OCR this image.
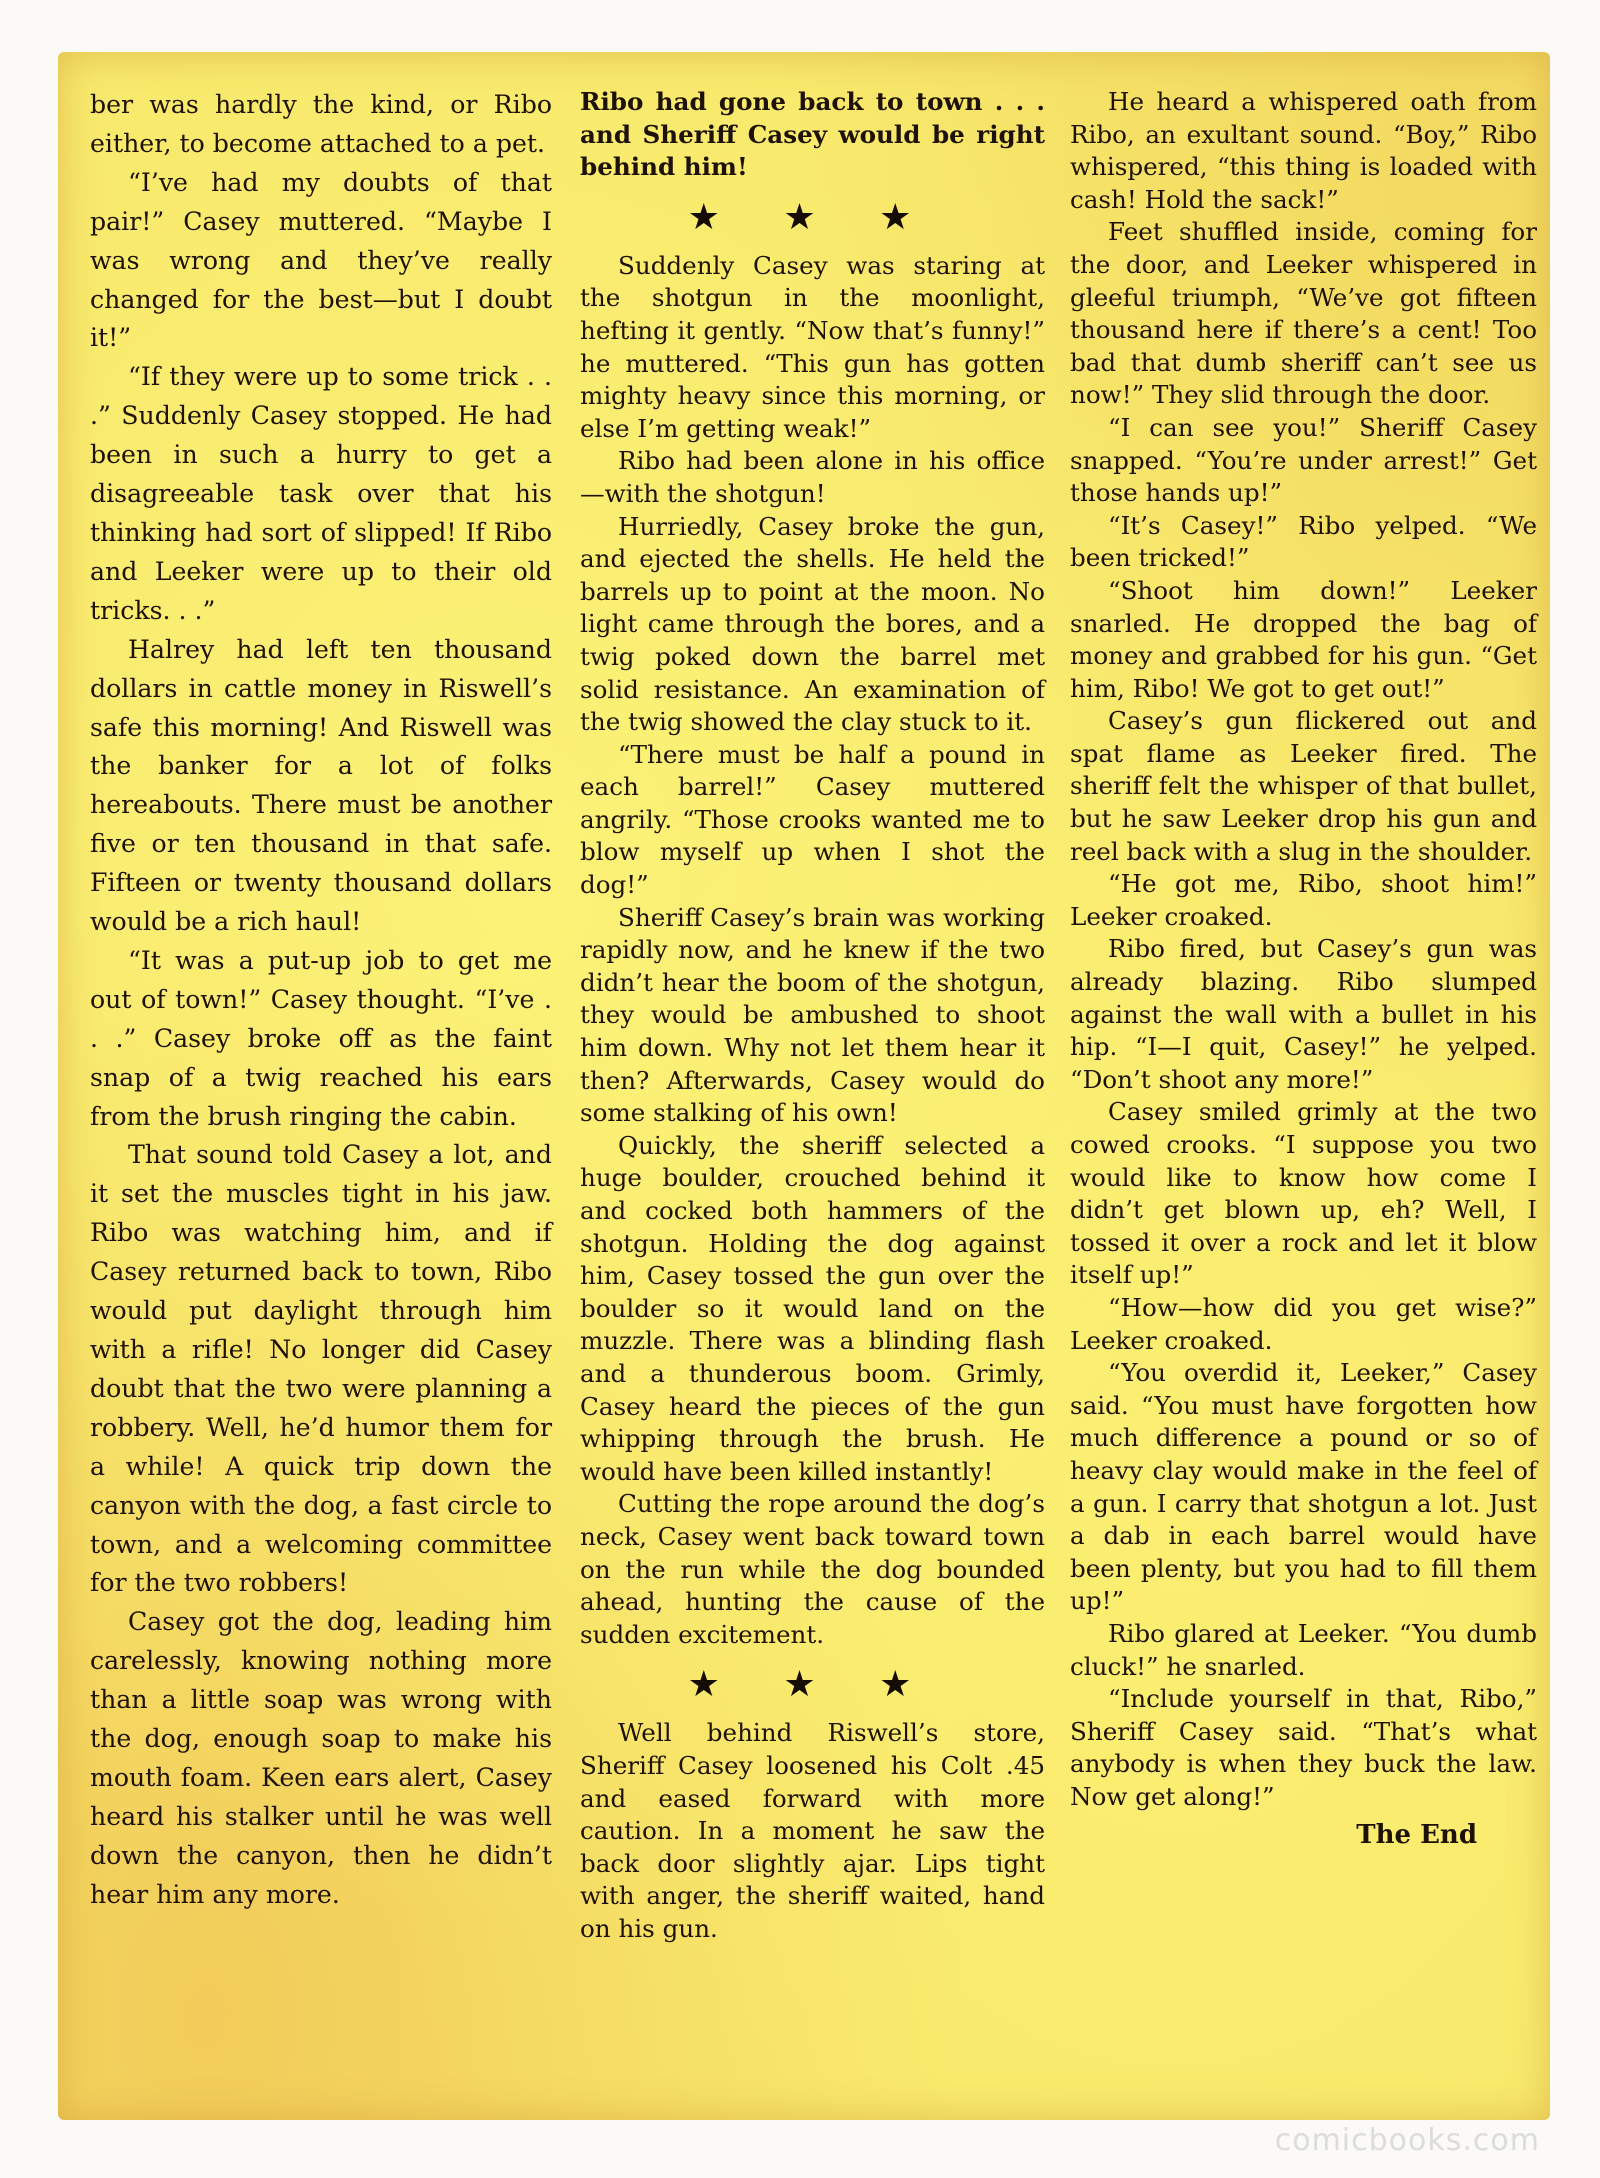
ber was hardly the kind, or Ribo either, to become attached to a pet.

“I’ve had my doubts of that pair!” Casey muttered. “Maybe I was wrong and they’ve really changed for the best—but I doubt it!”

“If they were up to some trick . . .” Suddenly Casey stopped. He had been in such a hurry to get a disagreeable task over that his thinking had sort of slipped! If Ribo and Leeker were up to their old tricks. . .”

Halrey had left ten thousand dollars in cattle money in Riswell’s safe this morning! And Riswell was the banker for a lot of folks hereabouts. There must be another five or ten thousand in that safe. Fifteen or twenty thousand dollars would be a rich haul!

“It was a put-up job to get me out of town!” Casey thought. “I’ve . . .” Casey broke off as the faint snap of a twig reached his ears from the brush ringing the cabin.

That sound told Casey a lot, and it set the muscles tight in his jaw. Ribo was watching him, and if Casey returned back to town, Ribo would put daylight through him with a rifle! No longer did Casey doubt that the two were planning a robbery. Well, he’d humor them for a while! A quick trip down the canyon with the dog, a fast circle to town, and a welcoming committee for the two robbers!

Casey got the dog, leading him carelessly, knowing nothing more than a little soap was wrong with the dog, enough soap to make his mouth foam. Keen ears alert, Casey heard his stalker until he was well down the canyon, then he didn’t hear him any more.

Ribo had gone back to town . . . and Sheriff Casey would be right behind him!

★ ★ ★

Suddenly Casey was staring at the shotgun in the moonlight, hefting it gently. “Now that’s funny!” he muttered. “This gun has gotten mighty heavy since this morning, or else I’m getting weak!”

Ribo had been alone in his office—with the shotgun!

Hurriedly, Casey broke the gun, and ejected the shells. He held the barrels up to point at the moon. No light came through the bores, and a twig poked down the barrel met solid resistance. An examination of the twig showed the clay stuck to it.

“There must be half a pound in each barrel!” Casey muttered angrily. “Those crooks wanted me to blow myself up when I shot the dog!”

Sheriff Casey’s brain was working rapidly now, and he knew if the two didn’t hear the boom of the shotgun, they would be ambushed to shoot him down. Why not let them hear it then? Afterwards, Casey would do some stalking of his own!

Quickly, the sheriff selected a huge boulder, crouched behind it and cocked both hammers of the shotgun. Holding the dog against him, Casey tossed the gun over the boulder so it would land on the muzzle. There was a blinding flash and a thunderous boom. Grimly, Casey heard the pieces of the gun whipping through the brush. He would have been killed instantly!

Cutting the rope around the dog’s neck, Casey went back toward town on the run while the dog bounded ahead, hunting the cause of the sudden excitement.

★ ★ ★

Well behind Riswell’s store, Sheriff Casey loosened his Colt .45 and eased forward with more caution. In a moment he saw the back door slightly ajar. Lips tight with anger, the sheriff waited, hand on his gun.

He heard a whispered oath from Ribo, an exultant sound. “Boy,” Ribo whispered, “this thing is loaded with cash! Hold the sack!”

Feet shuffled inside, coming for the door, and Leeker whispered in gleeful triumph, “We’ve got fifteen thousand here if there’s a cent! Too bad that dumb sheriff can’t see us now!” They slid through the door.

“I can see you!” Sheriff Casey snapped. “You’re under arrest!” Get those hands up!”

“It’s Casey!” Ribo yelped. “We been tricked!”

“Shoot him down!” Leeker snarled. He dropped the bag of money and grabbed for his gun. “Get him, Ribo! We got to get out!”

Casey’s gun flickered out and spat flame as Leeker fired. The sheriff felt the whisper of that bullet, but he saw Leeker drop his gun and reel back with a slug in the shoulder.

“He got me, Ribo, shoot him!” Leeker croaked.

Ribo fired, but Casey’s gun was already blazing. Ribo slumped against the wall with a bullet in his hip. “I—I quit, Casey!” he yelped. “Don’t shoot any more!”

Casey smiled grimly at the two cowed crooks. “I suppose you two would like to know how come I didn’t get blown up, eh? Well, I tossed it over a rock and let it blow itself up!”

“How—how did you get wise?” Leeker croaked.

“You overdid it, Leeker,” Casey said. “You must have forgotten how much difference a pound or so of heavy clay would make in the feel of a gun. I carry that shotgun a lot. Just a dab in each barrel would have been plenty, but you had to fill them up!”

Ribo glared at Leeker. “You dumb cluck!” he snarled.

“Include yourself in that, Ribo,” Sheriff Casey said. “That’s what anybody is when they buck the law. Now get along!”

The End
comicbooks.com
